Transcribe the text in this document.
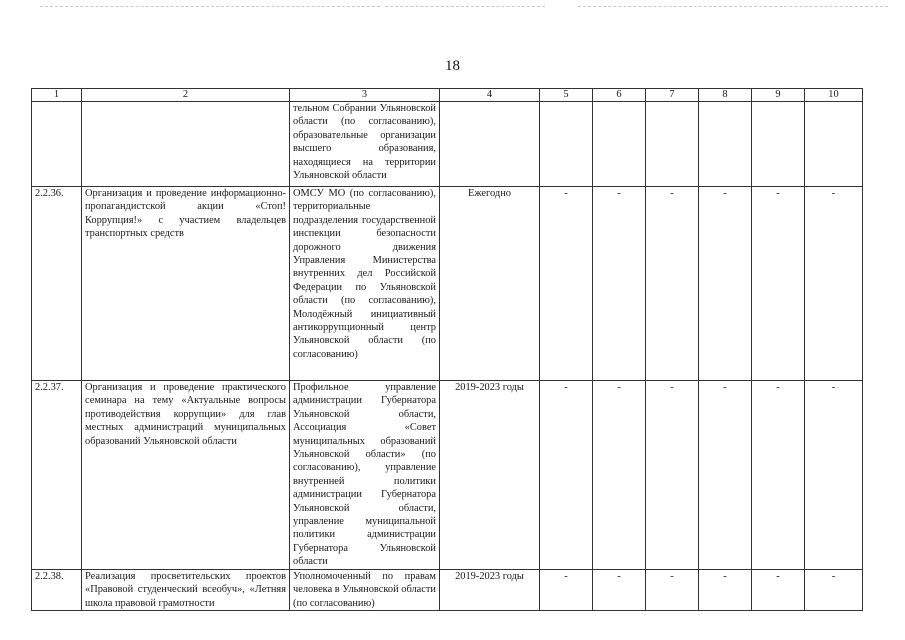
18
1	2	3	4	5	6	7	8	9	10
		тельном Собрании Ульяновской области (по согласованию), образовательные организации высшего образования, находящиеся на территории Ульяновской области							
2.2.36.	Организация и проведение информационно-пропагандистской акции «Стоп! Коррупция!» с участием владельцев транспортных средств	ОМСУ МО (по согласованию), территориальные подразделения государственной инспекции безопасности дорожного движения Управления Министерства внутренних дел Российской Федерации по Ульяновской области (по согласованию), Молодёжный инициативный антикоррупционный центр Ульяновской области (по согласованию)	Ежегодно	-	-	-	-	-	-
2.2.37.	Организация и проведение практического семинара на тему «Актуальные вопросы противодействия коррупции» для глав местных администраций муниципальных образований Ульяновской области	Профильное управление администрации Губернатора Ульяновской области, Ассоциация «Совет муниципальных образований Ульяновской области» (по согласованию), управление внутренней политики администрации Губернатора Ульяновской области, управление муниципальной политики администрации Губернатора Ульяновской области	2019-2023 годы	-	-	-	-	-	-
2.2.38.	Реализация просветительских проектов «Правовой студенческий всеобуч», «Летняя школа правовой грамотности	Уполномоченный по правам человека в Ульяновской области (по согласованию)	2019-2023 годы	-	-	-	-	-	-
